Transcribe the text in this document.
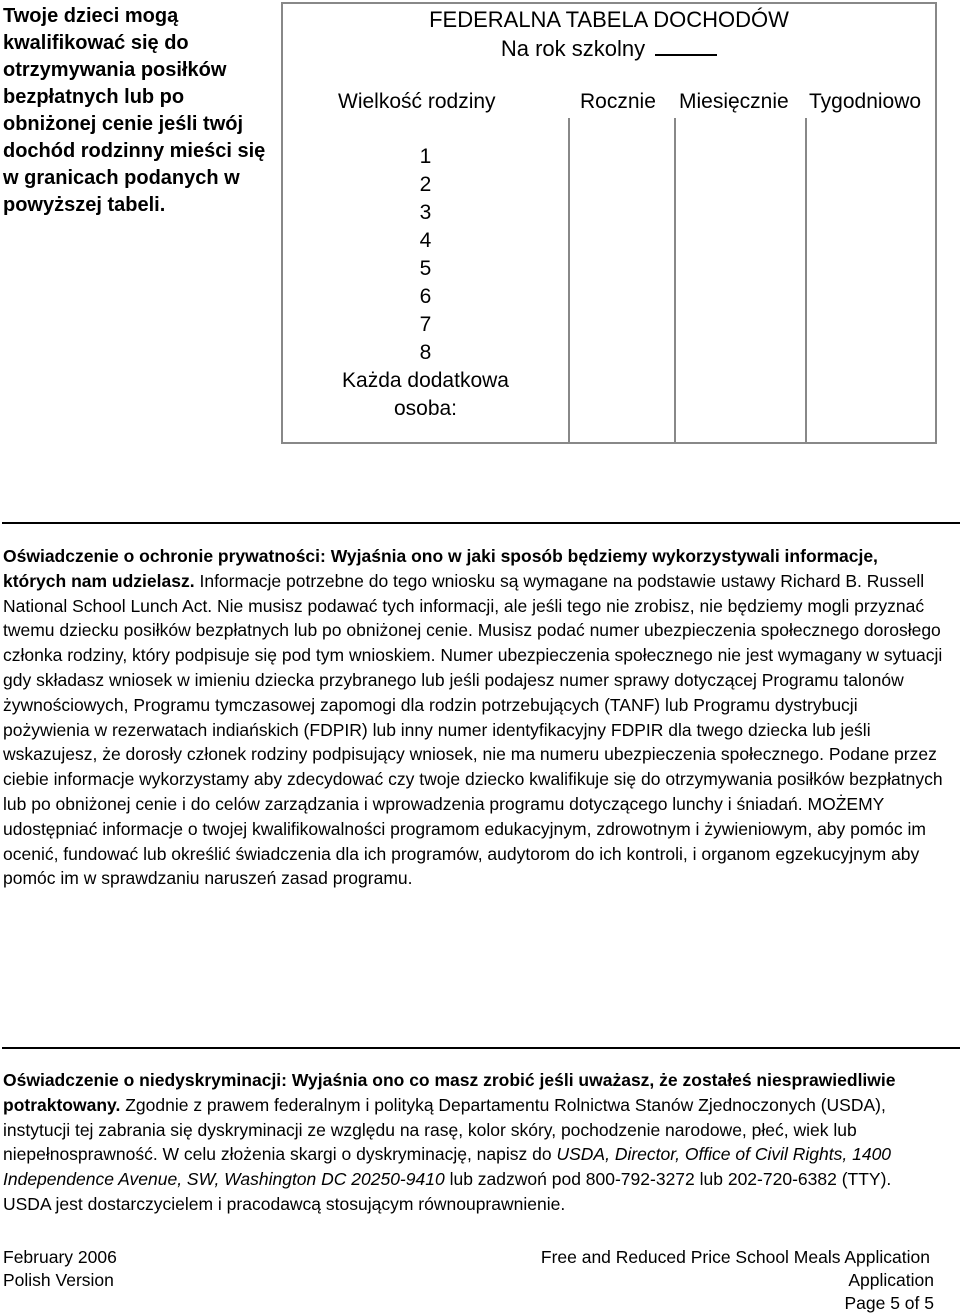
Twoje dzieci mogą kwalifikować się do otrzymywania posiłków bezpłatnych lub po obniżonej cenie jeśli twój dochód rodzinny mieści się w granicach podanych w powyższej tabeli.
FEDERALNA TABELA DOCHODÓW
Na rok szkolny
Wielkość rodziny	Rocznie Miesięcznie Tygodniowo
1
2
3
4
5
6
7
8
Każda dodatkowa
osoba:
Oświadczenie o ochronie prywatności: Wyjaśnia ono w jaki sposób będziemy wykorzystywali informacje, których nam udzielasz. Informacje potrzebne do tego wniosku są wymagane na podstawie ustawy Richard B. Russell National School Lunch Act. Nie musisz podawać tych informacji, ale jeśli tego nie zrobisz, nie będziemy mogli przyznać twemu dziecku posiłków bezpłatnych lub po obniżonej cenie. Musisz podać numer ubezpieczenia społecznego dorosłego członka rodziny, który podpisuje się pod tym wnioskiem. Numer ubezpieczenia społecznego nie jest wymagany w sytuacji gdy składasz wniosek w imieniu dziecka przybranego lub jeśli podajesz numer sprawy dotyczącej Programu talonów żywnościowych, Programu tymczasowej zapomogi dla rodzin potrzebujących (TANF) lub Programu dystrybucji pożywienia w rezerwatach indiańskich (FDPIR) lub inny numer identyfikacyjny FDPIR dla twego dziecka lub jeśli wskazujesz, że dorosły członek rodziny podpisujący wniosek, nie ma numeru ubezpieczenia społecznego. Podane przez ciebie informacje wykorzystamy aby zdecydować czy twoje dziecko kwalifikuje się do otrzymywania posiłków bezpłatnych lub po obniżonej cenie i do celów zarządzania i wprowadzenia programu dotyczącego lunchy i śniadań. MOŻEMY udostępniać informacje o twojej kwalifikowalności programom edukacyjnym, zdrowotnym i żywieniowym, aby pomóc im ocenić, fundować lub określić świadczenia dla ich programów, audytorom do ich kontroli, i organom egzekucyjnym aby pomóc im w sprawdzaniu naruszeń zasad programu.
Oświadczenie o niedyskryminacji: Wyjaśnia ono co masz zrobić jeśli uważasz, że zostałeś niesprawiedliwie potraktowany. Zgodnie z prawem federalnym i polityką Departamentu Rolnictwa Stanów Zjednoczonych (USDA), instytucji tej zabrania się dyskryminacji ze względu na rasę, kolor skóry, pochodzenie narodowe, płeć, wiek lub niepełnosprawność. W celu złożenia skargi o dyskryminację, napisz do USDA, Director, Office of Civil Rights, 1400 Independence Avenue, SW, Washington DC 20250-9410 lub zadzwoń pod 800-792-3272 lub 202-720-6382 (TTY). USDA jest dostarczycielem i pracodawcą stosującym równouprawnienie.
February 2006
Polish Version
Free and Reduced Price School Meals Application
Application
Page 5 of 5
